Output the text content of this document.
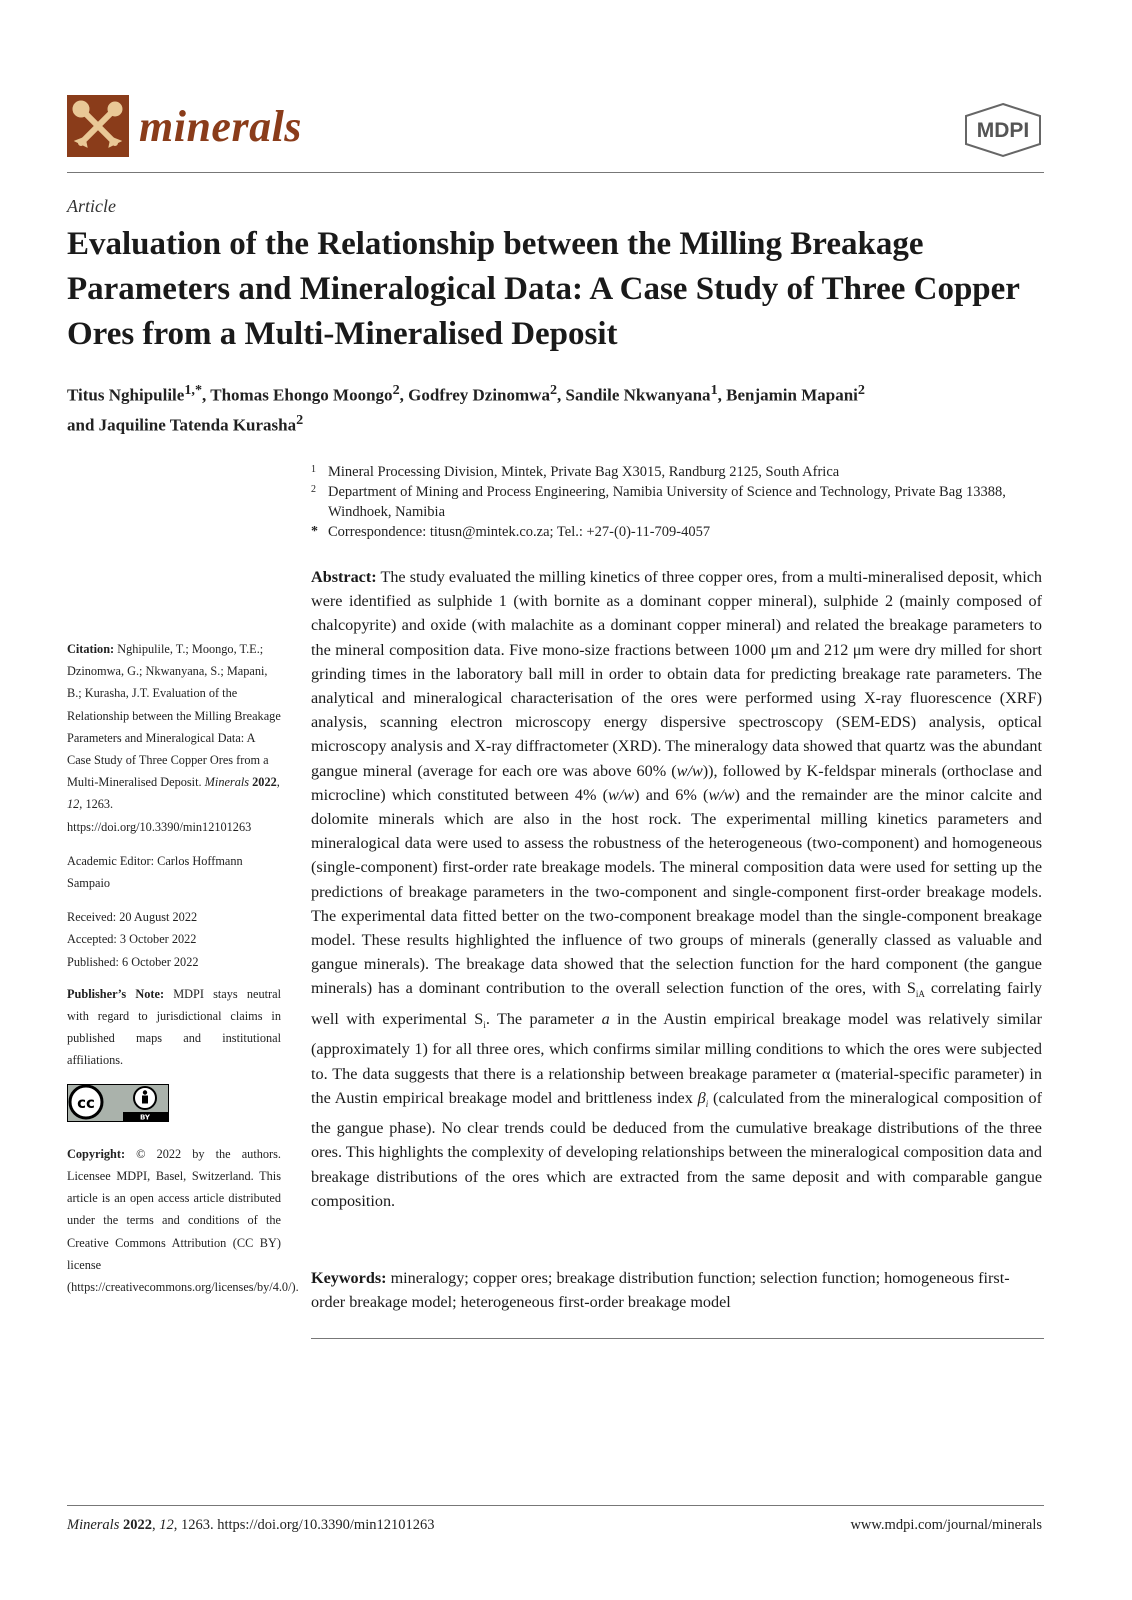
minerals	MDPI
Article
Evaluation of the Relationship between the Milling Breakage Parameters and Mineralogical Data: A Case Study of Three Copper Ores from a Multi-Mineralised Deposit
Titus Nghipulile$^{1,*}$, Thomas Ehongo Moongo$^2$, Godfrey Dzinomwa$^2$, Sandile Nkwanyana$^1$, Benjamin Mapani$^2$
and Jaquiline Tatenda Kurasha$^2$
1 Mineral Processing Division, Mintek, Private Bag X3015, Randburg 2125, South Africa
2 Department of Mining and Process Engineering, Namibia University of Science and Technology, Private Bag 13388, Windhoek, Namibia
* Correspondence: titusn@mintek.co.za; Tel.: +27-(0)-11-709-4057
Abstract: The study evaluated the milling kinetics of three copper ores, from a multi-mineralised deposit, which were identified as sulphide 1 (with bornite as a dominant copper mineral), sulphide 2 (mainly composed of chalcopyrite) and oxide (with malachite as a dominant copper mineral) and related the breakage parameters to the mineral composition data. Five mono-size fractions between 1000 μm and 212 μm were dry milled for short grinding times in the laboratory ball mill in order to obtain data for predicting breakage rate parameters. The analytical and mineralogical characterisation of the ores were performed using X-ray fluorescence (XRF) analysis, scanning electron microscopy energy dispersive spectroscopy (SEM-EDS) analysis, optical microscopy analysis and X-ray diffractometer (XRD). The mineralogy data showed that quartz was the abundant gangue mineral (average for each ore was above 60% (w/w)), followed by K-feldspar minerals (orthoclase and microcline) which constituted between 4% (w/w) and 6% (w/w) and the remainder are the minor calcite and dolomite minerals which are also in the host rock. The experimental milling kinetics parameters and mineralogical data were used to assess the robustness of the heterogeneous (two-component) and homogeneous (single-component) first-order rate breakage models. The mineral composition data were used for setting up the predictions of breakage parameters in the two-component and single-component first-order breakage models. The experimental data fitted better on the two-component breakage model than the single-component breakage model. These results highlighted the influence of two groups of minerals (generally classed as valuable and gangue minerals). The breakage data showed that the selection function for the hard component (the gangue minerals) has a dominant contribution to the overall selection function of the ores, with $S_{iA}$ correlating fairly well with experimental $S_i$. The parameter a in the Austin empirical breakage model was relatively similar (approximately 1) for all three ores, which confirms similar milling conditions to which the ores were subjected to. The data suggests that there is a relationship between breakage parameter α (material-specific parameter) in the Austin empirical breakage model and brittleness index $\beta_i$ (calculated from the mineralogical composition of the gangue phase). No clear trends could be deduced from the cumulative breakage distributions of the three ores. This highlights the complexity of developing relationships between the mineralogical composition data and breakage distributions of the ores which are extracted from the same deposit and with comparable gangue composition.
Keywords: mineralogy; copper ores; breakage distribution function; selection function; homogeneous first-order breakage model; heterogeneous first-order breakage model

Citation: Nghipulile, T.; Moongo, T.E.; Dzinomwa, G.; Nkwanyana, S.; Mapani, B.; Kurasha, J.T. Evaluation of the Relationship between the Milling Breakage Parameters and Mineralogical Data: A Case Study of Three Copper Ores from a Multi-Mineralised Deposit. Minerals 2022, 12, 1263. https://doi.org/10.3390/min12101263

Academic Editor: Carlos Hoffmann Sampaio

Received: 20 August 2022
Accepted: 3 October 2022
Published: 6 October 2022

Publisher’s Note: MDPI stays neutral with regard to jurisdictional claims in published maps and institutional affiliations.

cc
BY

Copyright: © 2022 by the authors. Licensee MDPI, Basel, Switzerland. This article is an open access article distributed under the terms and conditions of the Creative Commons Attribution (CC BY) license (https://creativecommons.org/licenses/by/4.0/).

Minerals 2022, 12, 1263. https://doi.org/10.3390/min12101263	www.mdpi.com/journal/minerals
